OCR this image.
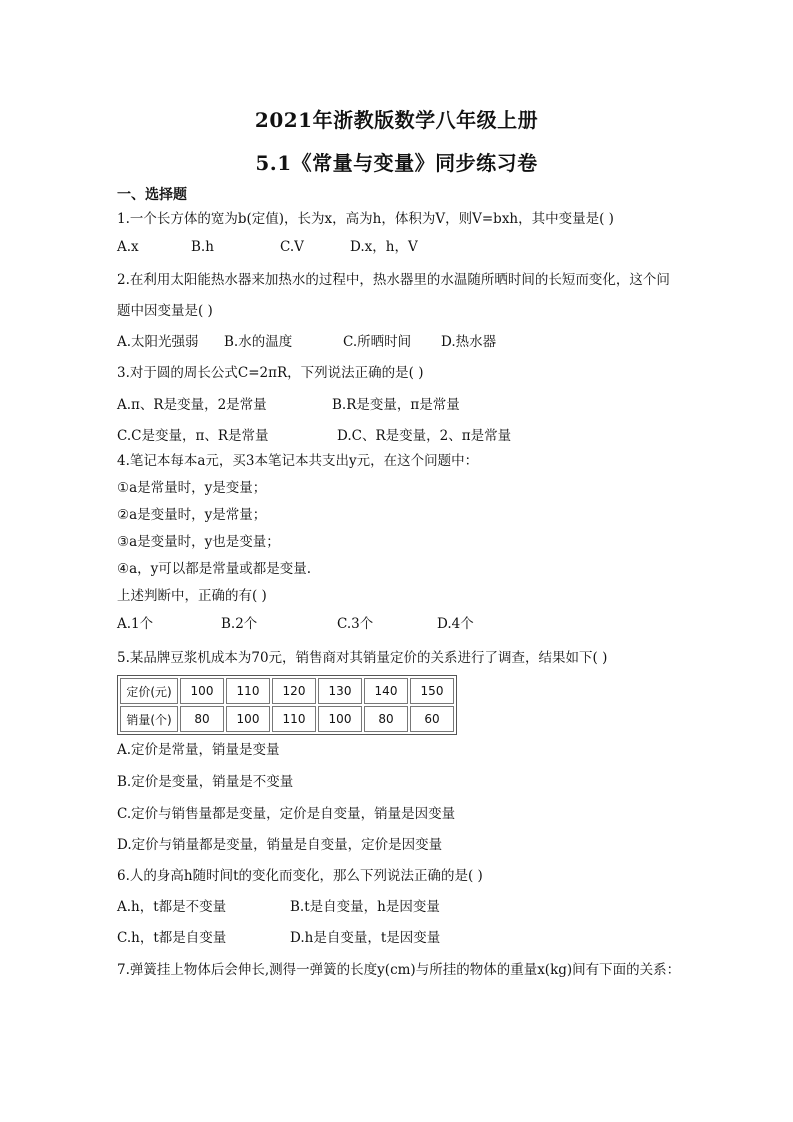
2021年浙教版数学八年级上册
5.1《常量与变量》同步练习卷
一、选择题
1.一个长方体的宽为b(定值)，长为x，高为h，体积为V，则V=bxh，其中变量是( )
A.x	B.h	C.V	D.x，h，V
2.在利用太阳能热水器来加热水的过程中，热水器里的水温随所晒时间的长短而变化，这个问
题中因变量是( )
A.太阳光强弱 B.水的温度	C.所晒时间 D.热水器
3.对于圆的周长公式C=2πR，下列说法正确的是( )
A.π、R是变量，2是常量	B.R是变量，π是常量
C.C是变量，π、R是常量	D.C、R是变量，2、π是常量
4.笔记本每本a元，买3本笔记本共支出y元，在这个问题中：
①a是常量时，y是变量；
②a是变量时，y是常量；
③a是变量时，y也是变量；
④a，y可以都是常量或都是变量.
上述判断中，正确的有( )
A.1个	B.2个	C.3个	D.4个
5.某品牌豆浆机成本为70元，销售商对其销量定价的关系进行了调查，结果如下( )
定价(元)	100	110	120	130	140	150
销量(个)	80	100	110	100	80	60
A.定价是常量，销量是变量
B.定价是变量，销量是不变量
C.定价与销售量都是变量，定价是自变量，销量是因变量
D.定价与销量都是变量，销量是自变量，定价是因变量
6.人的身高h随时间t的变化而变化，那么下列说法正确的是( )
A.h，t都是不变量	B.t是自变量，h是因变量
C.h，t都是自变量	D.h是自变量，t是因变量
7.弹簧挂上物体后会伸长,测得一弹簧的长度y(cm)与所挂的物体的重量x(kg)间有下面的关系：
